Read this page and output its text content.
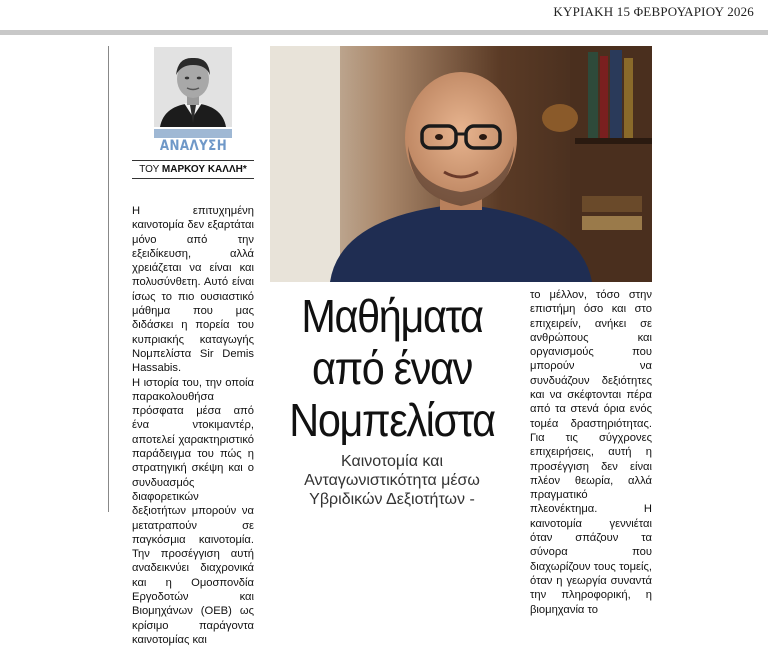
ΚΥΡΙΑΚΗ 15 ΦΕΒΡΟΥΑΡΙΟΥ 2026
ΑΝΑΛΥΣΗ
ΤΟΥ ΜΑΡΚΟΥ ΚΑΛΛΗ*

Η επιτυχημένη καινοτομία δεν εξαρτάται μόνο από την εξειδίκευση, αλλά χρειάζεται να είναι και πολυσύνθετη. Αυτό είναι ίσως το πιο ουσιαστικό μάθημα που μας διδάσκει η πορεία του κυπριακής καταγωγής Νομπελίστα Sir Demis Hassabis.

Η ιστορία του, την οποία παρακολουθήσα πρόσφατα μέσα από ένα ντοκιμαντέρ, αποτελεί χαρακτηριστικό παράδειγμα του πώς η στρατηγική σκέψη και ο συνδυασμός διαφορετικών δεξιοτήτων μπορούν να μετατραπούν σε παγκόσμια καινοτομία. Την προσέγγιση αυτή αναδεικνύει διαχρονικά και η Ομοσπονδία Εργοδοτών και Βιομηχάνων (ΟΕΒ) ως κρίσιμο παράγοντα καινοτομίας και

Μαθήματα
από έναν
Νομπελίστα
Καινοτομία και
Ανταγωνιστικότητα μέσω
Υβριδικών Δεξιοτήτων -

το μέλλον, τόσο στην επιστήμη όσο και στο επιχειρείν, ανήκει σε ανθρώπους και οργανισμούς που μπορούν να συνδυάζουν δεξιότητες και να σκέφτονται πέρα από τα στενά όρια ενός τομέα δραστηριότητας. Για τις σύγχρονες επιχειρήσεις, αυτή η προσέγγιση δεν είναι πλέον θεωρία, αλλά πραγματικό πλεονέκτημα. Η καινοτομία γεννιέται όταν σπάζουν τα σύνορα που διαχωρίζουν τους τομείς, όταν η γεωργία συναντά την πληροφορική, η βιομηχανία το
